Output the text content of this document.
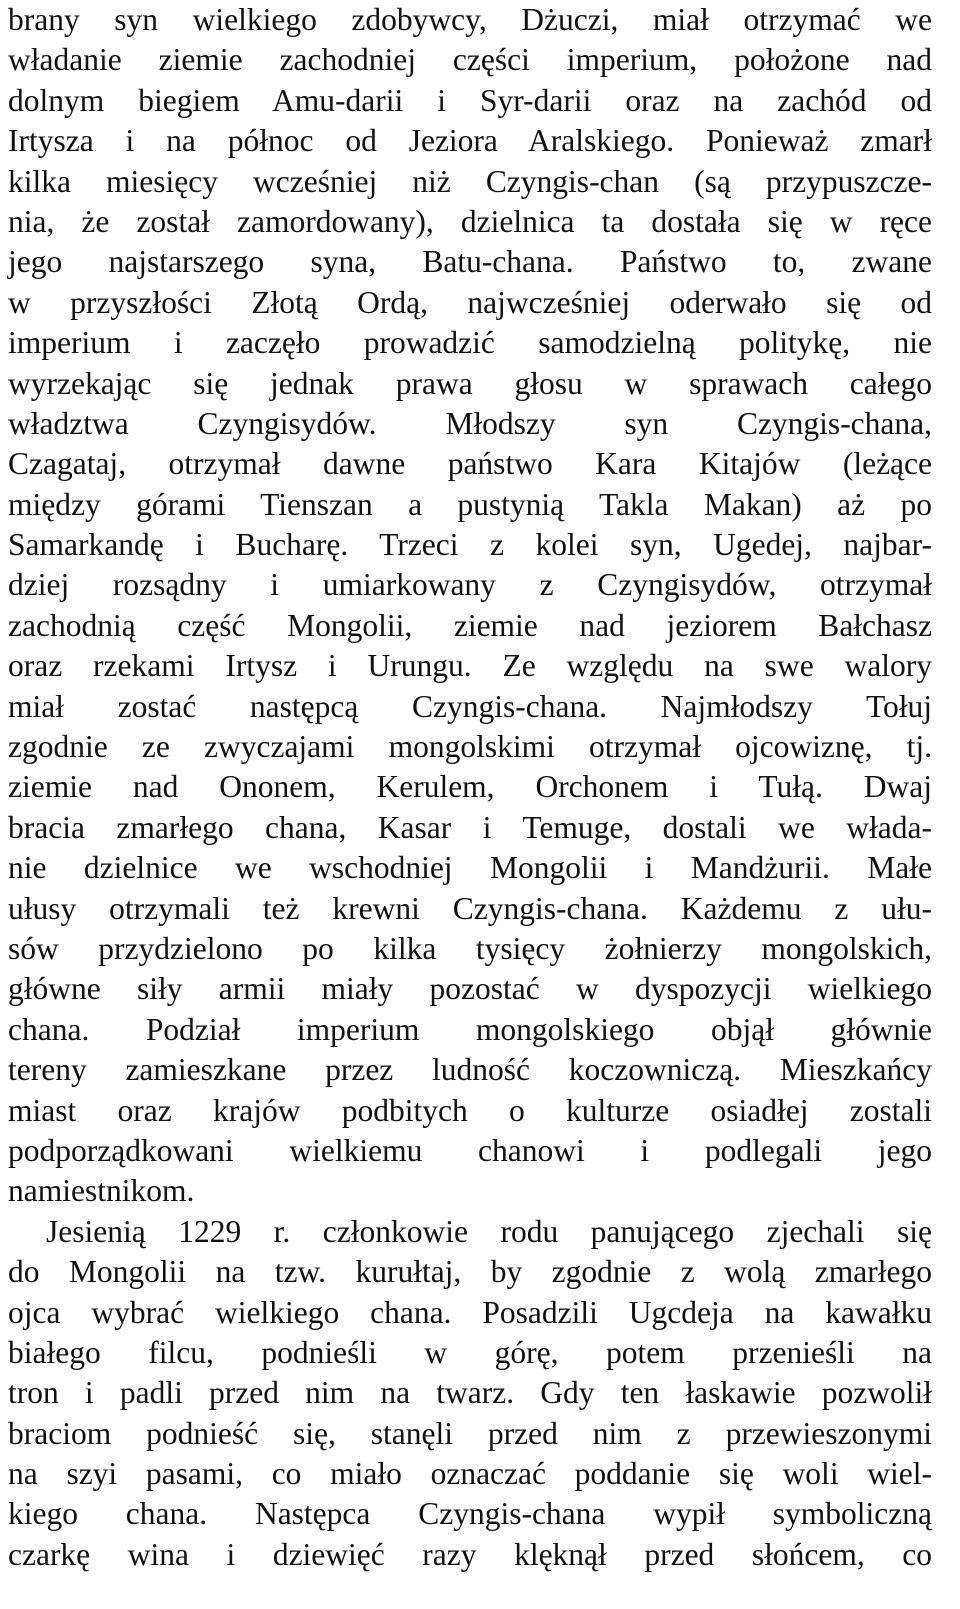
brany syn wielkiego zdobywcy, Dżuczi, miał otrzymać we
władanie ziemie zachodniej części imperium, położone nad
dolnym biegiem Amu-darii i Syr-darii oraz na zachód od
Irtysza i na północ od Jeziora Aralskiego. Ponieważ zmarł
kilka miesięcy wcześniej niż Czyngis-chan (są przypuszcze-
nia, że został zamordowany), dzielnica ta dostała się w ręce
jego najstarszego syna, Batu-chana. Państwo to, zwane
w przyszłości Złotą Ordą, najwcześniej oderwało się od
imperium i zaczęło prowadzić samodzielną politykę, nie
wyrzekając się jednak prawa głosu w sprawach całego
władztwa Czyngisydów. Młodszy syn Czyngis-chana,
Czagataj, otrzymał dawne państwo Kara Kitajów (leżące
między górami Tienszan a pustynią Takla Makan) aż po
Samarkandę i Bucharę. Trzeci z kolei syn, Ugedej, najbar-
dziej rozsądny i umiarkowany z Czyngisydów, otrzymał
zachodnią część Mongolii, ziemie nad jeziorem Bałchasz
oraz rzekami Irtysz i Urungu. Ze względu na swe walory
miał zostać następcą Czyngis-chana. Najmłodszy Tołuj
zgodnie ze zwyczajami mongolskimi otrzymał ojcowiznę, tj.
ziemie nad Ononem, Kerulem, Orchonem i Tułą. Dwaj
bracia zmarłego chana, Kasar i Temuge, dostali we włada-
nie dzielnice we wschodniej Mongolii i Mandżurii. Małe
ułusy otrzymali też krewni Czyngis-chana. Każdemu z ułu-
sów przydzielono po kilka tysięcy żołnierzy mongolskich,
główne siły armii miały pozostać w dyspozycji wielkiego
chana. Podział imperium mongolskiego objął głównie
tereny zamieszkane przez ludność koczowniczą. Mieszkańcy
miast oraz krajów podbitych o kulturze osiadłej zostali
podporządkowani wielkiemu chanowi i podlegali jego
namiestnikom.
Jesienią 1229 r. członkowie rodu panującego zjechali się
do Mongolii na tzw. kurułtaj, by zgodnie z wolą zmarłego
ojca wybrać wielkiego chana. Posadzili Ugcdeja na kawałku
białego filcu, podnieśli w górę, potem przenieśli na
tron i padli przed nim na twarz. Gdy ten łaskawie pozwolił
braciom podnieść się, stanęli przed nim z przewieszonymi
na szyi pasami, co miało oznaczać poddanie się woli wiel-
kiego chana. Następca Czyngis-chana wypił symboliczną
czarkę wina i dziewięć razy klęknął przed słońcem, co
